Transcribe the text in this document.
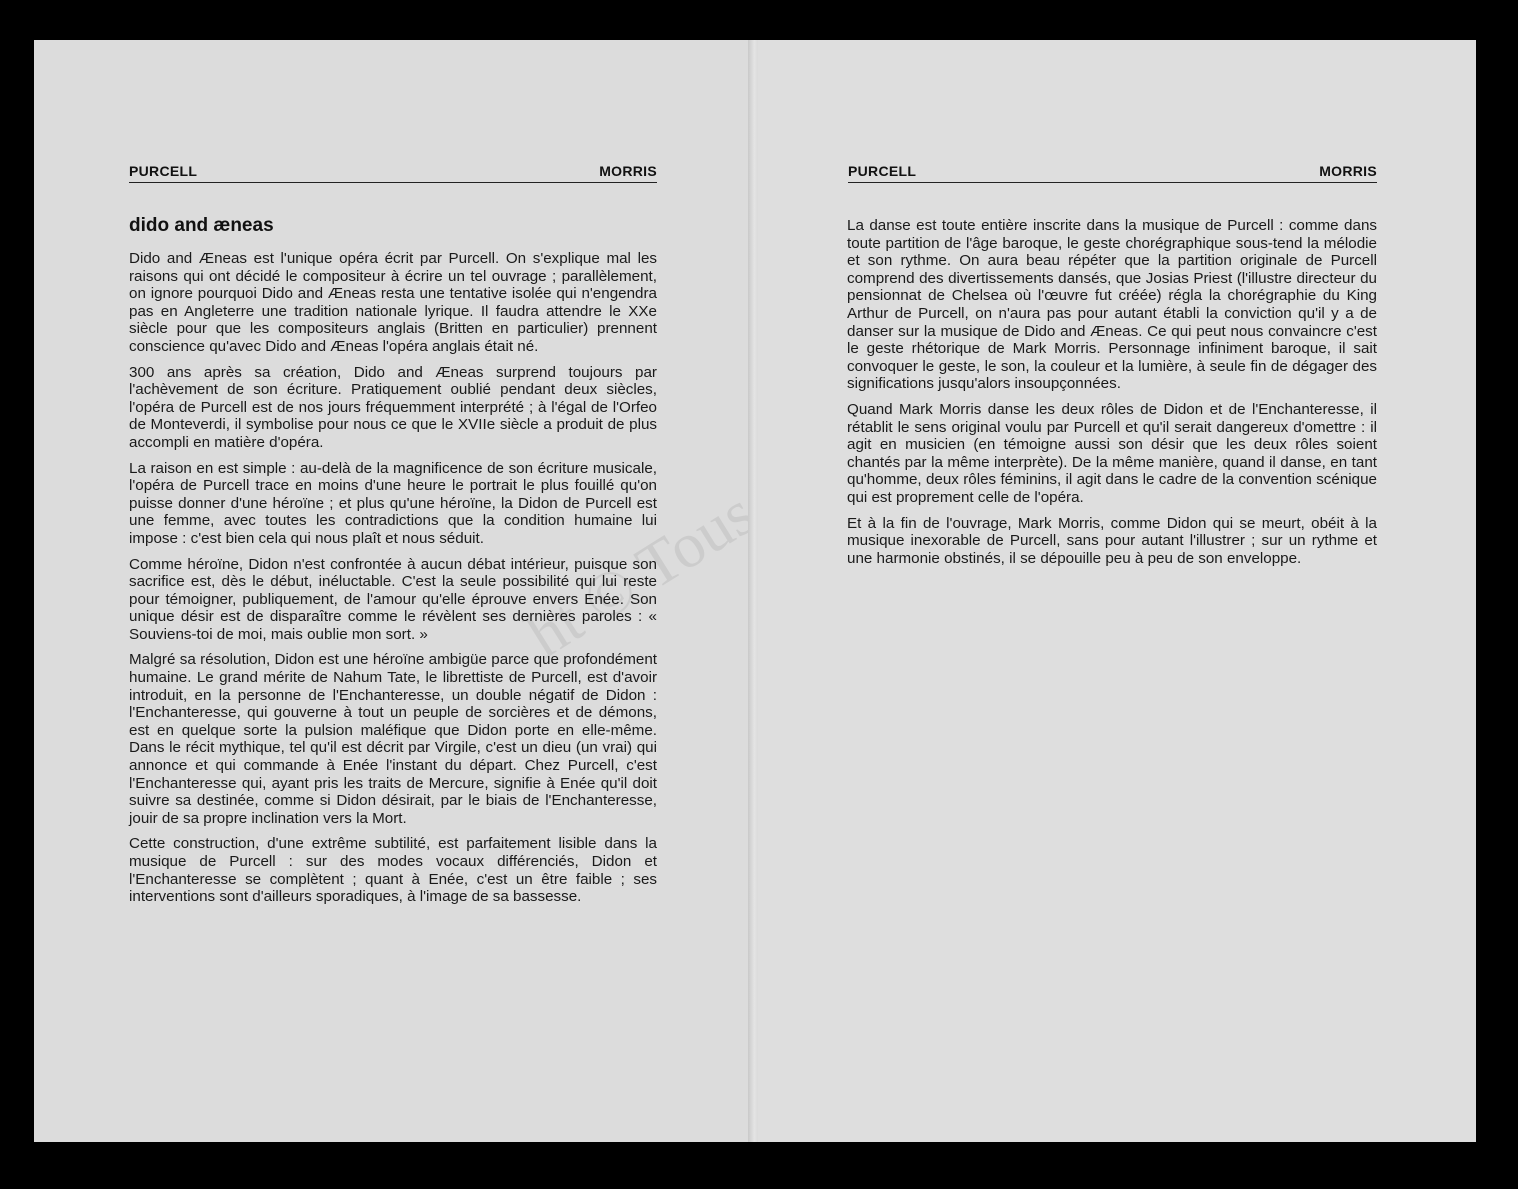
PURCELL	MORRIS
dido and æneas

Dido and Æneas est l'unique opéra écrit par Purcell. On s'explique mal les raisons qui ont décidé le compositeur à écrire un tel ouvrage ; parallèlement, on ignore pourquoi Dido and Æneas resta une tentative isolée qui n'engendra pas en Angleterre une tradition nationale lyrique. Il faudra attendre le XXe siècle pour que les compositeurs anglais (Britten en particulier) prennent conscience qu'avec Dido and Æneas l'opéra anglais était né.

300 ans après sa création, Dido and Æneas surprend toujours par l'achèvement de son écriture. Pratiquement oublié pendant deux siècles, l'opéra de Purcell est de nos jours fréquemment interprété ; à l'égal de l'Orfeo de Monteverdi, il symbolise pour nous ce que le XVIIe siècle a produit de plus accompli en matière d'opéra.

La raison en est simple : au-delà de la magnificence de son écriture musicale, l'opéra de Purcell trace en moins d'une heure le portrait le plus fouillé qu'on puisse donner d'une héroïne ; et plus qu'une héroïne, la Didon de Purcell est une femme, avec toutes les contradictions que la condition humaine lui impose : c'est bien cela qui nous plaît et nous séduit.

Comme héroïne, Didon n'est confrontée à aucun débat intérieur, puisque son sacrifice est, dès le début, inéluctable. C'est la seule possibilité qui lui reste pour témoigner, publiquement, de l'amour qu'elle éprouve envers Enée. Son unique désir est de disparaître comme le révèlent ses dernières paroles : « Souviens-toi de moi, mais oublie mon sort. »

Malgré sa résolution, Didon est une héroïne ambigüe parce que profondément humaine. Le grand mérite de Nahum Tate, le librettiste de Purcell, est d'avoir introduit, en la personne de l'Enchanteresse, un double négatif de Didon : l'Enchanteresse, qui gouverne à tout un peuple de sorcières et de démons, est en quelque sorte la pulsion maléfique que Didon porte en elle-même. Dans le récit mythique, tel qu'il est décrit par Virgile, c'est un dieu (un vrai) qui annonce et qui commande à Enée l'instant du départ. Chez Purcell, c'est l'Enchanteresse qui, ayant pris les traits de Mercure, signifie à Enée qu'il doit suivre sa destinée, comme si Didon désirait, par le biais de l'Enchanteresse, jouir de sa propre inclination vers la Mort.

Cette construction, d'une extrême subtilité, est parfaitement lisible dans la musique de Purcell : sur des modes vocaux différenciés, Didon et l'Enchanteresse se complètent ; quant à Enée, c'est un être faible ; ses interventions sont d'ailleurs sporadiques, à l'image de sa bassesse.

ht © Tous d
PURCELL	MORRIS

La danse est toute entière inscrite dans la musique de Purcell : comme dans toute partition de l'âge baroque, le geste chorégraphique sous-tend la mélodie et son rythme. On aura beau répéter que la partition originale de Purcell comprend des divertissements dansés, que Josias Priest (l'illustre directeur du pensionnat de Chelsea où l'œuvre fut créée) régla la chorégraphie du King Arthur de Purcell, on n'aura pas pour autant établi la conviction qu'il y a de danser sur la musique de Dido and Æneas. Ce qui peut nous convaincre c'est le geste rhétorique de Mark Morris. Personnage infiniment baroque, il sait convoquer le geste, le son, la couleur et la lumière, à seule fin de dégager des significations jusqu'alors insoupçonnées.

Quand Mark Morris danse les deux rôles de Didon et de l'Enchanteresse, il rétablit le sens original voulu par Purcell et qu'il serait dangereux d'omettre : il agit en musicien (en témoigne aussi son désir que les deux rôles soient chantés par la même interprète). De la même manière, quand il danse, en tant qu'homme, deux rôles féminins, il agit dans le cadre de la convention scénique qui est proprement celle de l'opéra.

Et à la fin de l'ouvrage, Mark Morris, comme Didon qui se meurt, obéit à la musique inexorable de Purcell, sans pour autant l'illustrer ; sur un rythme et une harmonie obstinés, il se dépouille peu à peu de son enveloppe.
